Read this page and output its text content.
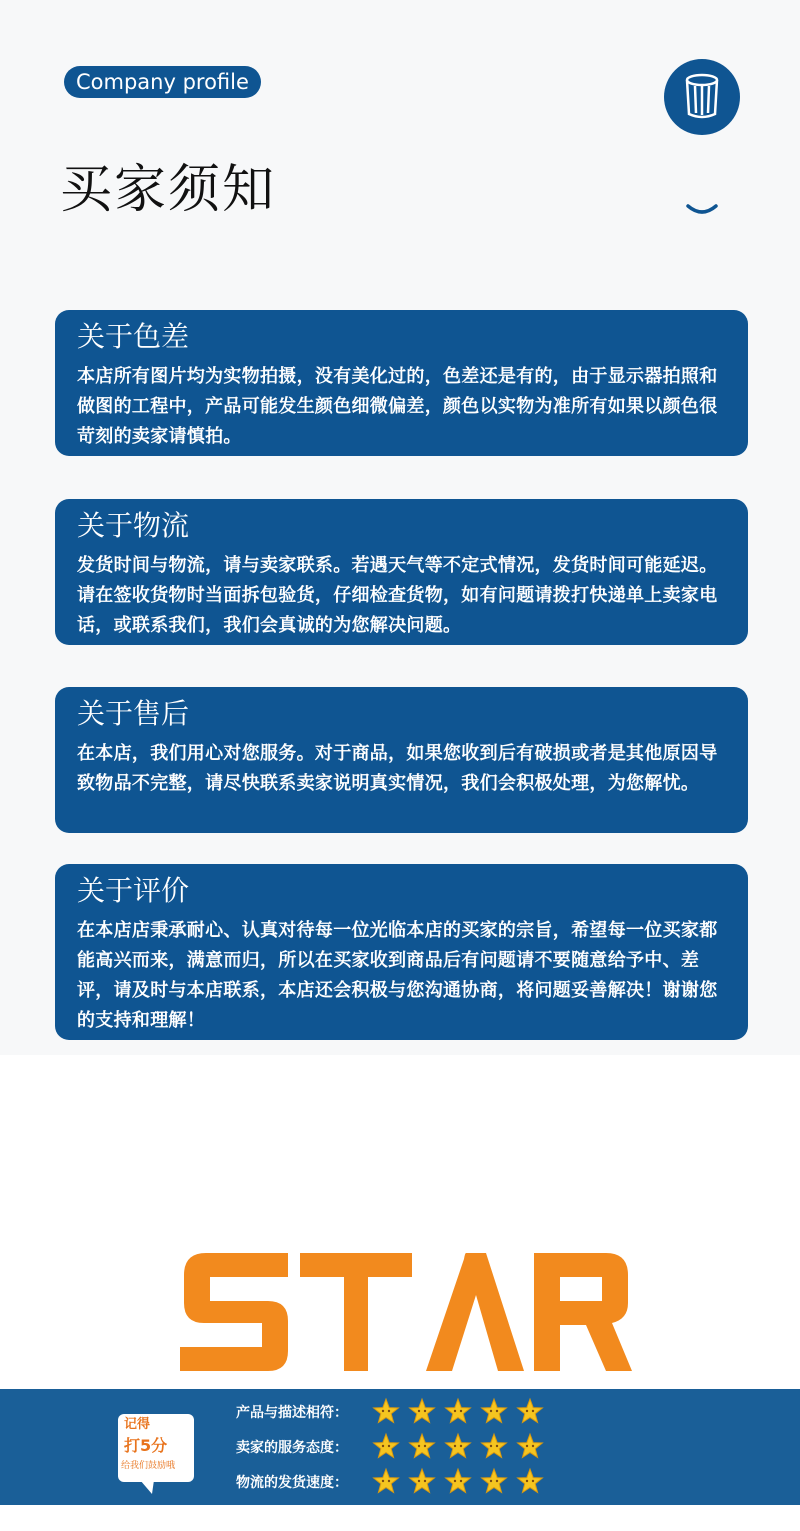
Company profile
买家须知
关于色差
本店所有图片均为实物拍摄，没有美化过的，色差还是有的，由于显示器拍照和做图的工程中，产品可能发生颜色细微偏差，颜色以实物为准所有如果以颜色很苛刻的卖家请慎拍。
关于物流
发货时间与物流，请与卖家联系。若遇天气等不定式情况，发货时间可能延迟。请在签收货物时当面拆包验货，仔细检查货物，如有问题请拨打快递单上卖家电话，或联系我们，我们会真诚的为您解决问题。
关于售后
在本店，我们用心对您服务。对于商品，如果您收到后有破损或者是其他原因导致物品不完整，请尽快联系卖家说明真实情况，我们会积极处理，为您解忧。
关于评价
在本店店秉承耐心、认真对待每一位光临本店的买家的宗旨，希望每一位买家都能高兴而来，满意而归，所以在买家收到商品后有问题请不要随意给予中、差评，请及时与本店联系，本店还会积极与您沟通协商，将问题妥善解决！谢谢您的支持和理解！
记得
打5分
给我们鼓励哦
产品与描述相符：
卖家的服务态度：
物流的发货速度：
